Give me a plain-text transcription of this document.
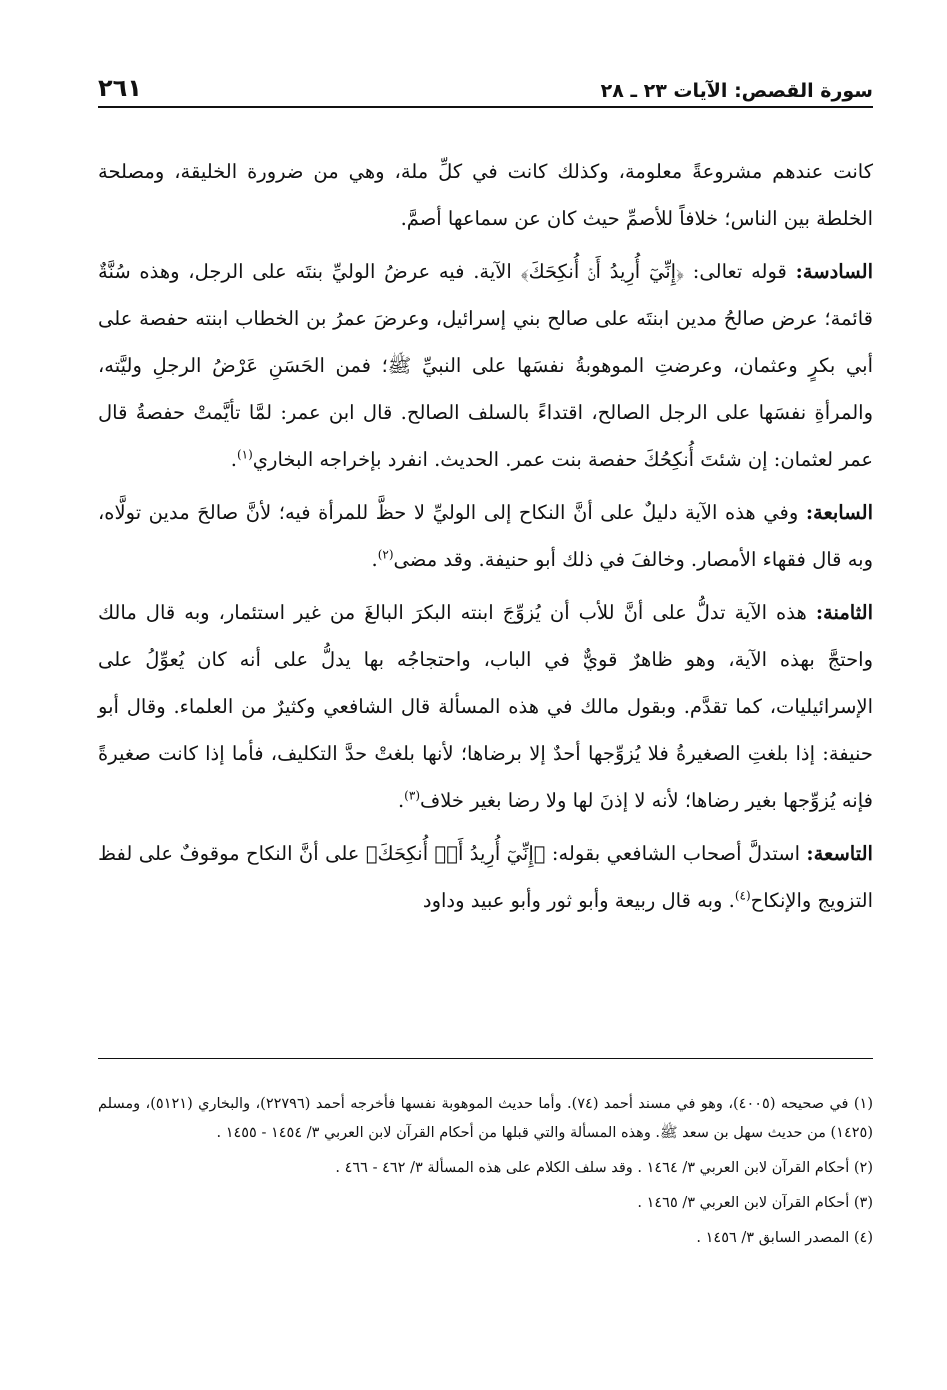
سورة القصص: الآيات ٢٣ ـ ٢٨
٢٦١

كانت عندهم مشروعةً معلومة، وكذلك كانت في كلِّ ملة، وهي من ضرورة الخليقة، ومصلحة الخلطة بين الناس؛ خلافاً للأصمِّ حيث كان عن سماعها أصمَّ.

السادسة: قوله تعالى: ﴿إِنِّيٓ أُرِيدُ أَنۡ أُنكِحَكَ﴾ الآية. فيه عرضُ الوليِّ بنتَه على الرجل، وهذه سُنَّةٌ قائمة؛ عرض صالحُ مدين ابنتَه على صالح بني إسرائيل، وعرضَ عمرُ بن الخطاب ابنته حفصة على أبي بكرٍ وعثمان، وعرضتِ الموهوبةُ نفسَها على النبيِّ ﷺ؛ فمن الحَسَنِ عَرْضُ الرجلِ وليَّته، والمرأةِ نفسَها على الرجل الصالح، اقتداءً بالسلف الصالح. قال ابن عمر: لمَّا تأيَّمتْ حفصةُ قال عمر لعثمان: إن شئتَ أُنكِحُكَ حفصة بنت عمر. الحديث. انفرد بإخراجه البخاري$^{(١)}$.

السابعة: وفي هذه الآية دليلٌ على أنَّ النكاح إلى الوليِّ لا حظَّ للمرأة فيه؛ لأنَّ صالحَ مدين تولَّاه، وبه قال فقهاء الأمصار. وخالفَ في ذلك أبو حنيفة. وقد مضى$^{(٢)}$.

الثامنة: هذه الآية تدلُّ على أنَّ للأب أن يُزوِّجَ ابنته البكرَ البالغَ من غير استئمار، وبه قال مالك واحتجَّ بهذه الآية، وهو ظاهرٌ قويٌّ في الباب، واحتجاجُه بها يدلُّ على أنه كان يُعوِّلُ على الإسرائيليات، كما تقدَّم. وبقول مالك في هذه المسألة قال الشافعي وكثيرٌ من العلماء. وقال أبو حنيفة: إذا بلغتِ الصغيرةُ فلا يُزوِّجها أحدٌ إلا برضاها؛ لأنها بلغتْ حدَّ التكليف، فأما إذا كانت صغيرةً فإنه يُزوِّجها بغير رضاها؛ لأنه لا إذنَ لها ولا رضا بغير خلاف$^{(٣)}$.

التاسعة: استدلَّ أصحاب الشافعي بقوله: ﴿إِنِّيٓ أُرِيدُ أَنۡ أُنكِحَكَ﴾ على أنَّ النكاح موقوفٌ على لفظ التزويج والإنكاح$^{(٤)}$. وبه قال ربيعة وأبو ثور وأبو عبيد وداود

(١) في صحيحه (٤٠٠٥)، وهو في مسند أحمد (٧٤). وأما حديث الموهوبة نفسها فأخرجه أحمد (٢٢٧٩٦)، والبخاري (٥١٢١)، ومسلم (١٤٢٥) من حديث سهل بن سعد ﷺ. وهذه المسألة والتي قبلها من أحكام القرآن لابن العربي ٣/ ١٤٥٤ - ١٤٥٥ .

(٢) أحكام القرآن لابن العربي ٣/ ١٤٦٤ . وقد سلف الكلام على هذه المسألة ٣/ ٤٦٢ - ٤٦٦ .

(٣) أحكام القرآن لابن العربي ٣/ ١٤٦٥ .

(٤) المصدر السابق ٣/ ١٤٥٦ .
